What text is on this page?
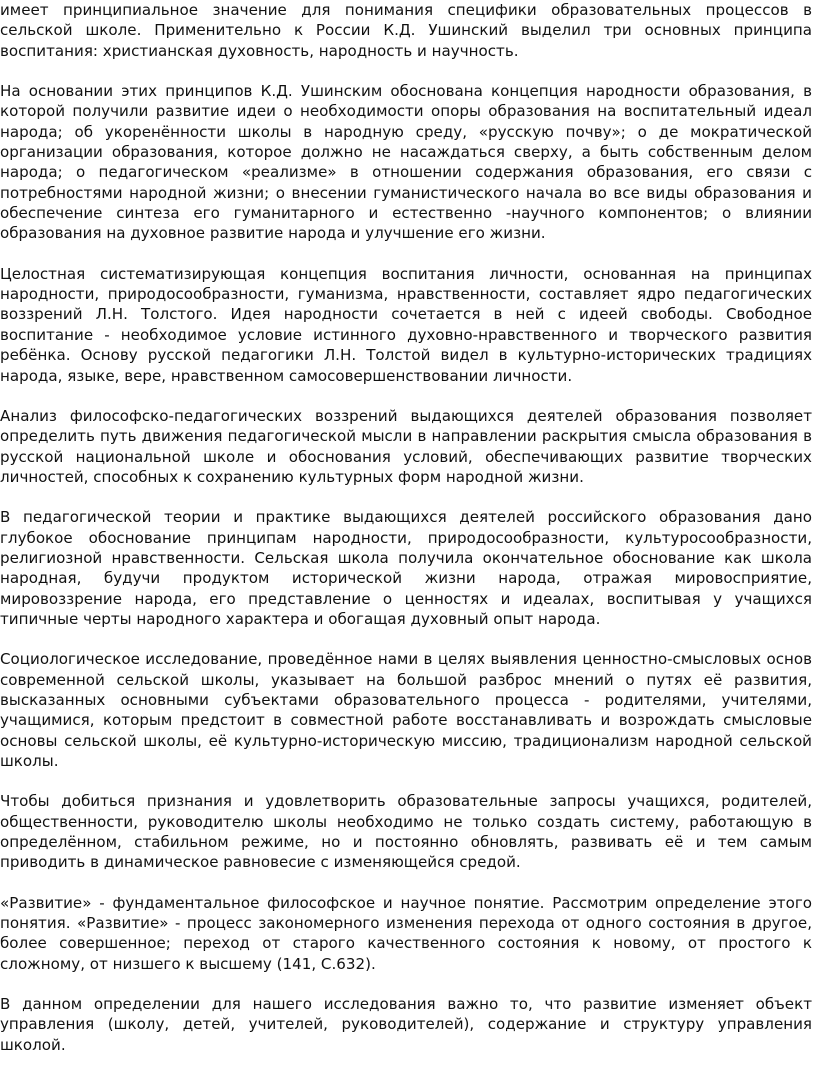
имеет принципиальное значение для понимания специфики образовательных процессов в сельской школе. Применительно к России К.Д. Ушинский выделил три основных принципа воспитания: христианская духовность, народность и научность.

На основании этих принципов К.Д. Ушинским обоснована концепция народности образования, в которой получили развитие идеи о необходимости опоры образования на воспитательный идеал народа; об укоренённости школы в народную среду, «русскую почву»; о де мократической организации образования, которое должно не насаждаться сверху, а быть собственным делом народа; о педагогическом «реализме» в отношении содержания образования, его связи с потребностями народной жизни; о внесении гуманистического начала во все виды образования и обеспечение синтеза его гуманитарного и естественно -научного компонентов; о влиянии образования на духовное развитие народа и улучшение его жизни.

Целостная систематизирующая концепция воспитания личности, основанная на принципах народности, природосообразности, гуманизма, нравственности, составляет ядро педагогических воззрений Л.Н. Толстого. Идея народности сочетается в ней с идеей свободы. Свободное воспитание - необходимое условие истинного духовно-нравственного и творческого развития ребёнка. Основу русской педагогики Л.Н. Толстой видел в культурно-исторических традициях народа, языке, вере, нравственном самосовершенствовании личности.

Анализ философско-педагогических воззрений выдающихся деятелей образования позволяет определить путь движения педагогической мысли в направлении раскрытия смысла образования в русской национальной школе и обоснования условий, обеспечивающих развитие творческих личностей, способных к сохранению культурных форм народной жизни.

В педагогической теории и практике выдающихся деятелей российского образования дано глубокое обоснование принципам народности, природосообразности, культуросообразности, религиозной нравственности. Сельская школа получила окончательное обоснование как школа народная, будучи продуктом исторической жизни народа, отражая мировосприятие, мировоззрение народа, его представление о ценностях и идеалах, воспитывая у учащихся типичные черты народного характера и обогащая духовный опыт народа.

Социологическое исследование, проведённое нами в целях выявления ценностно-смысловых основ современной сельской школы, указывает на большой разброс мнений о путях её развития, высказанных основными субъектами образовательного процесса - родителями, учителями, учащимися, которым предстоит в совместной работе восстанавливать и возрождать смысловые основы сельской школы, её культурно-историческую миссию, традиционализм народной сельской школы.

Чтобы добиться признания и удовлетворить образовательные запросы учащихся, родителей, общественности, руководителю школы необходимо не только создать систему, работающую в определённом, стабильном режиме, но и постоянно обновлять, развивать её и тем самым приводить в динамическое равновесие с изменяющейся средой.

«Развитие» - фундаментальное философское и научное понятие. Рассмотрим определение этого понятия. «Развитие» - процесс закономерного изменения перехода от одного состояния в другое, более совершенное; переход от старого качественного состояния к новому, от простого к сложному, от низшего к высшему (141, С.632).

В данном определении для нашего исследования важно то, что развитие изменяет объект управления (школу, детей, учителей, руководителей), содержание и структуру управления школой.
